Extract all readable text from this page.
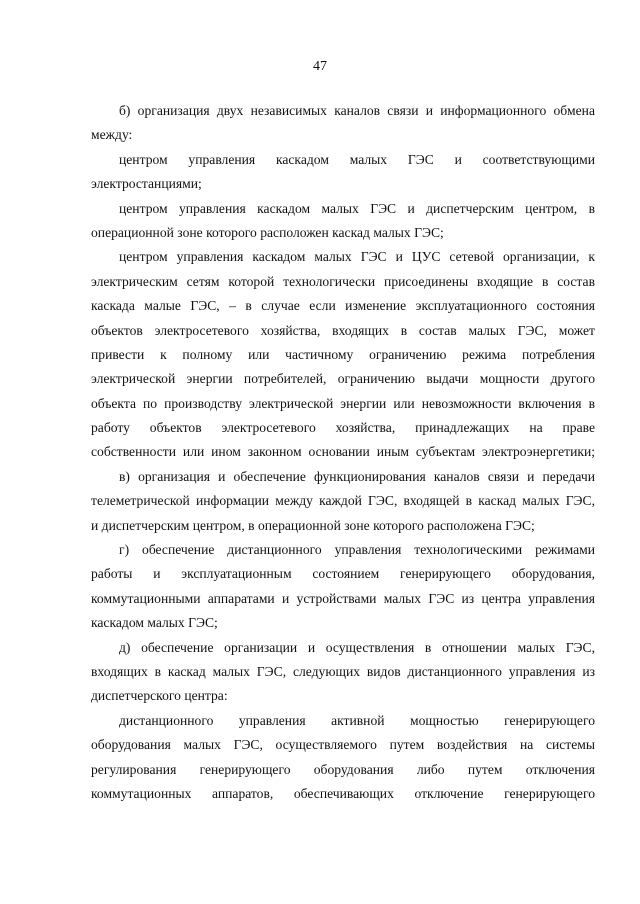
47
б) организация двух независимых каналов связи и информационного обмена
между:
центром управления каскадом малых ГЭС и соответствующими
электростанциями;
центром управления каскадом малых ГЭС и диспетчерским центром, в
операционной зоне которого расположен каскад малых ГЭС;
центром управления каскадом малых ГЭС и ЦУС сетевой организации, к
электрическим сетям которой технологически присоединены входящие в состав
каскада малые ГЭС, – в случае если изменение эксплуатационного состояния
объектов электросетевого хозяйства, входящих в состав малых ГЭС, может
привести к полному или частичному ограничению режима потребления
электрической энергии потребителей, ограничению выдачи мощности другого
объекта по производству электрической энергии или невозможности включения в
работу объектов электросетевого хозяйства, принадлежащих на праве
собственности или ином законном основании иным субъектам электроэнергетики;
в) организация и обеспечение функционирования каналов связи и передачи
телеметрической информации между каждой ГЭС, входящей в каскад малых ГЭС,
и диспетчерским центром, в операционной зоне которого расположена ГЭС;
г) обеспечение дистанционного управления технологическими режимами
работы и эксплуатационным состоянием генерирующего оборудования,
коммутационными аппаратами и устройствами малых ГЭС из центра управления
каскадом малых ГЭС;
д) обеспечение организации и осуществления в отношении малых ГЭС,
входящих в каскад малых ГЭС, следующих видов дистанционного управления из
диспетчерского центра:
дистанционного управления активной мощностью генерирующего
оборудования малых ГЭС, осуществляемого путем воздействия на системы
регулирования генерирующего оборудования либо путем отключения
коммутационных аппаратов, обеспечивающих отключение генерирующего
